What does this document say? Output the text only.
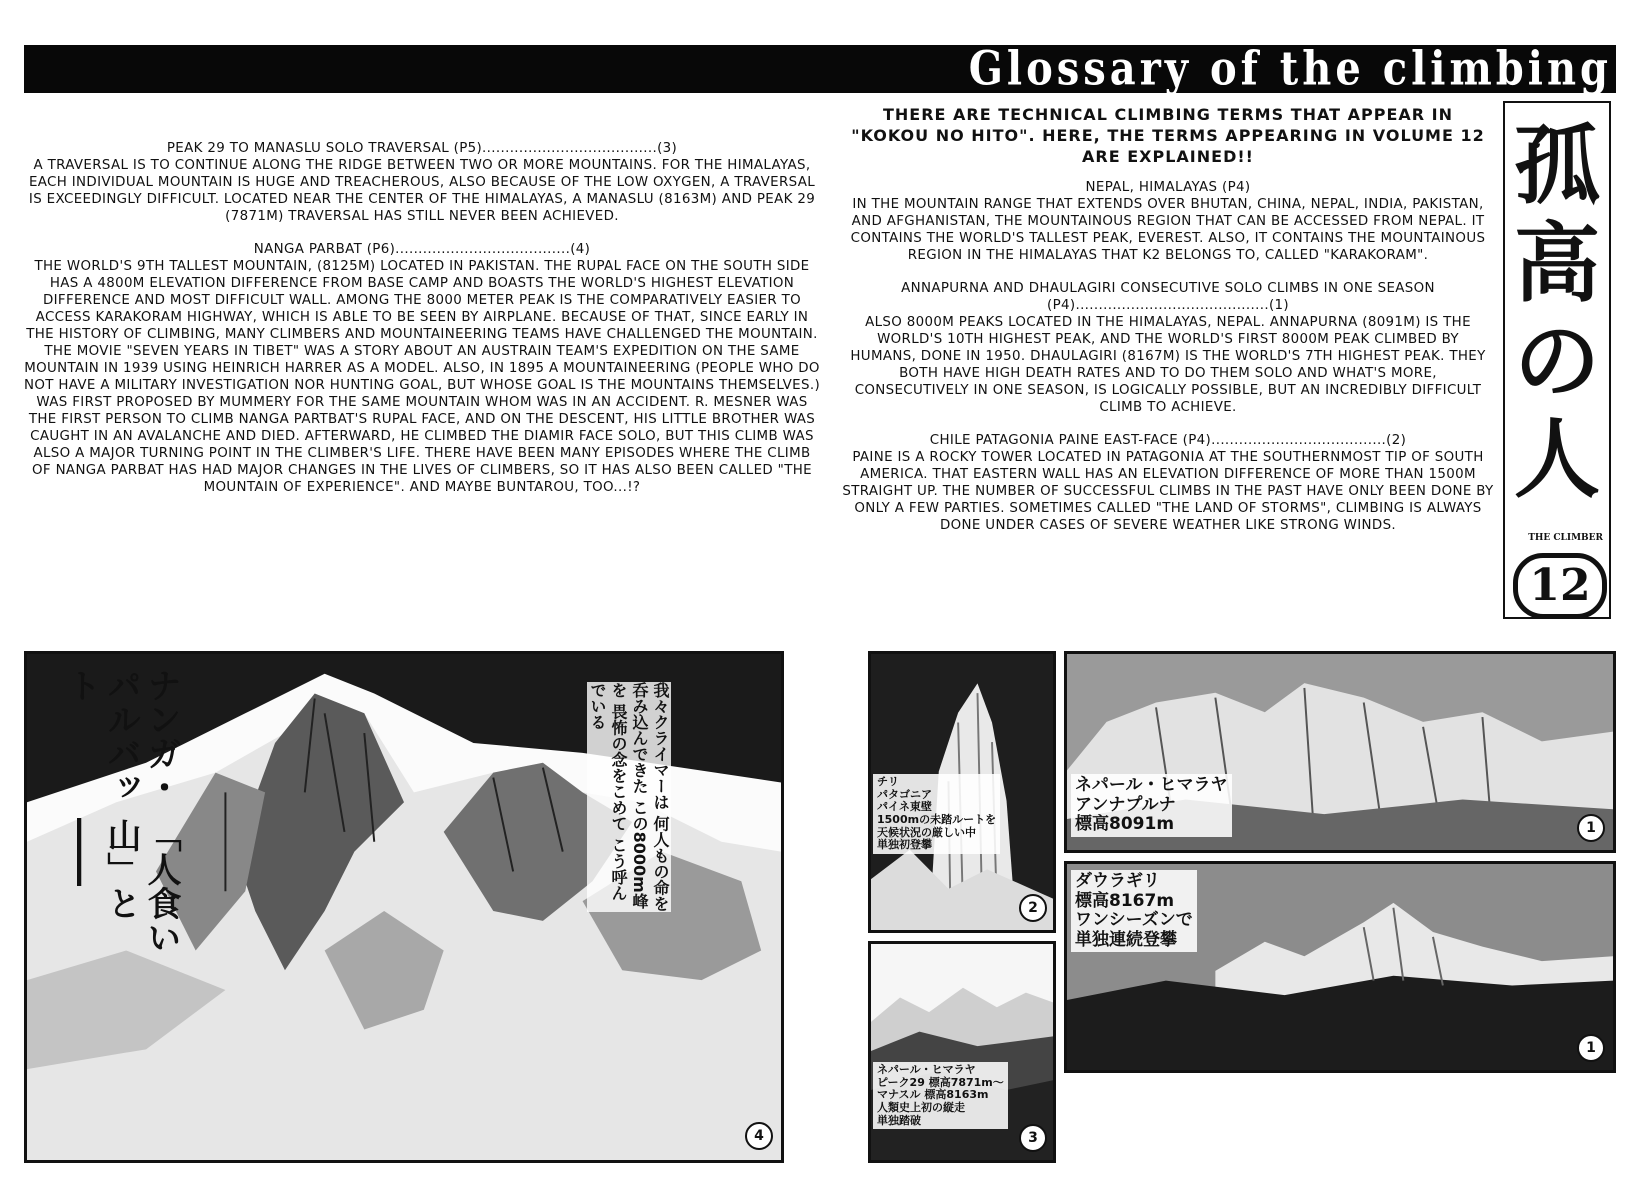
Glossary of the climbing

PEAK 29 TO MANASLU SOLO TRAVERSAL (P5)......................................(3)

A TRAVERSAL IS TO CONTINUE ALONG THE RIDGE BETWEEN TWO OR MORE MOUNTAINS. FOR THE HIMALAYAS, EACH INDIVIDUAL MOUNTAIN IS HUGE AND TREACHEROUS, ALSO BECAUSE OF THE LOW OXYGEN, A TRAVERSAL IS EXCEEDINGLY DIFFICULT. LOCATED NEAR THE CENTER OF THE HIMALAYAS, A MANASLU (8163M) AND PEAK 29 (7871M) TRAVERSAL HAS STILL NEVER BEEN ACHIEVED.

NANGA PARBAT (P6)......................................(4)

THE WORLD'S 9TH TALLEST MOUNTAIN, (8125M) LOCATED IN PAKISTAN. THE RUPAL FACE ON THE SOUTH SIDE HAS A 4800M ELEVATION DIFFERENCE FROM BASE CAMP AND BOASTS THE WORLD'S HIGHEST ELEVATION DIFFERENCE AND MOST DIFFICULT WALL. AMONG THE 8000 METER PEAK IS THE COMPARATIVELY EASIER TO ACCESS KARAKORAM HIGHWAY, WHICH IS ABLE TO BE SEEN BY AIRPLANE. BECAUSE OF THAT, SINCE EARLY IN THE HISTORY OF CLIMBING, MANY CLIMBERS AND MOUNTAINEERING TEAMS HAVE CHALLENGED THE MOUNTAIN. THE MOVIE "SEVEN YEARS IN TIBET" WAS A STORY ABOUT AN AUSTRAIN TEAM'S EXPEDITION ON THE SAME MOUNTAIN IN 1939 USING HEINRICH HARRER AS A MODEL. ALSO, IN 1895 A MOUNTAINEERING (PEOPLE WHO DO NOT HAVE A MILITARY INVESTIGATION NOR HUNTING GOAL, BUT WHOSE GOAL IS THE MOUNTAINS THEMSELVES.) WAS FIRST PROPOSED BY MUMMERY FOR THE SAME MOUNTAIN WHOM WAS IN AN ACCIDENT. R. MESNER WAS THE FIRST PERSON TO CLIMB NANGA PARTBAT'S RUPAL FACE, AND ON THE DESCENT, HIS LITTLE BROTHER WAS CAUGHT IN AN AVALANCHE AND DIED. AFTERWARD, HE CLIMBED THE DIAMIR FACE SOLO, BUT THIS CLIMB WAS ALSO A MAJOR TURNING POINT IN THE CLIMBER'S LIFE. THERE HAVE BEEN MANY EPISODES WHERE THE CLIMB OF NANGA PARBAT HAS HAD MAJOR CHANGES IN THE LIVES OF CLIMBERS, SO IT HAS ALSO BEEN CALLED "THE MOUNTAIN OF EXPERIENCE". AND MAYBE BUNTAROU, TOO...!?

THERE ARE TECHNICAL CLIMBING TERMS THAT APPEAR IN "KOKOU NO HITO". HERE, THE TERMS APPEARING IN VOLUME 12 ARE EXPLAINED!!

NEPAL, HIMALAYAS (P4)

IN THE MOUNTAIN RANGE THAT EXTENDS OVER BHUTAN, CHINA, NEPAL, INDIA, PAKISTAN, AND AFGHANISTAN, THE MOUNTAINOUS REGION THAT CAN BE ACCESSED FROM NEPAL. IT CONTAINS THE WORLD'S TALLEST PEAK, EVEREST. ALSO, IT CONTAINS THE MOUNTAINOUS REGION IN THE HIMALAYAS THAT K2 BELONGS TO, CALLED "KARAKORAM".

ANNAPURNA AND DHAULAGIRI CONSECUTIVE SOLO CLIMBS IN ONE SEASON (P4)..........................................(1)

ALSO 8000M PEAKS LOCATED IN THE HIMALAYAS, NEPAL. ANNAPURNA (8091M) IS THE WORLD'S 10TH HIGHEST PEAK, AND THE WORLD'S FIRST 8000M PEAK CLIMBED BY HUMANS, DONE IN 1950. DHAULAGIRI (8167M) IS THE WORLD'S 7TH HIGHEST PEAK. THEY BOTH HAVE HIGH DEATH RATES AND TO DO THEM SOLO AND WHAT'S MORE, CONSECUTIVELY IN ONE SEASON, IS LOGICALLY POSSIBLE, BUT AN INCREDIBLY DIFFICULT CLIMB TO ACHIEVE.

CHILE PATAGONIA PAINE EAST-FACE (P4)......................................(2)

PAINE IS A ROCKY TOWER LOCATED IN PATAGONIA AT THE SOUTHERNMOST TIP OF SOUTH AMERICA. THAT EASTERN WALL HAS AN ELEVATION DIFFERENCE OF MORE THAN 1500M STRAIGHT UP. THE NUMBER OF SUCCESSFUL CLIMBS IN THE PAST HAVE ONLY BEEN DONE BY ONLY A FEW PARTIES. SOMETIMES CALLED "THE LAND OF STORMS", CLIMBING IS ALWAYS DONE UNDER CASES OF SEVERE WEATHER LIKE STRONG WINDS.

孤高の人
THE CLIMBER
12
ナンガ・パルバット
「人食い山」と――
我々クライマーは 何人もの命を呑み込んできた この8000m峰を 畏怖の念をこめて こう呼んでいる
4
チリ
パタゴニア
パイネ東壁
1500mの未踏ルートを
天候状況の厳しい中
単独初登攀
2
ネパール・ヒマラヤ
ピーク29 標高7871m〜
マナスル 標高8163m
人類史上初の縦走
単独踏破
3
ネパール・ヒマラヤ
アンナプルナ
標高8091m	1
ダウラギリ
標高8167m
ワンシーズンで
単独連続登攀
1
